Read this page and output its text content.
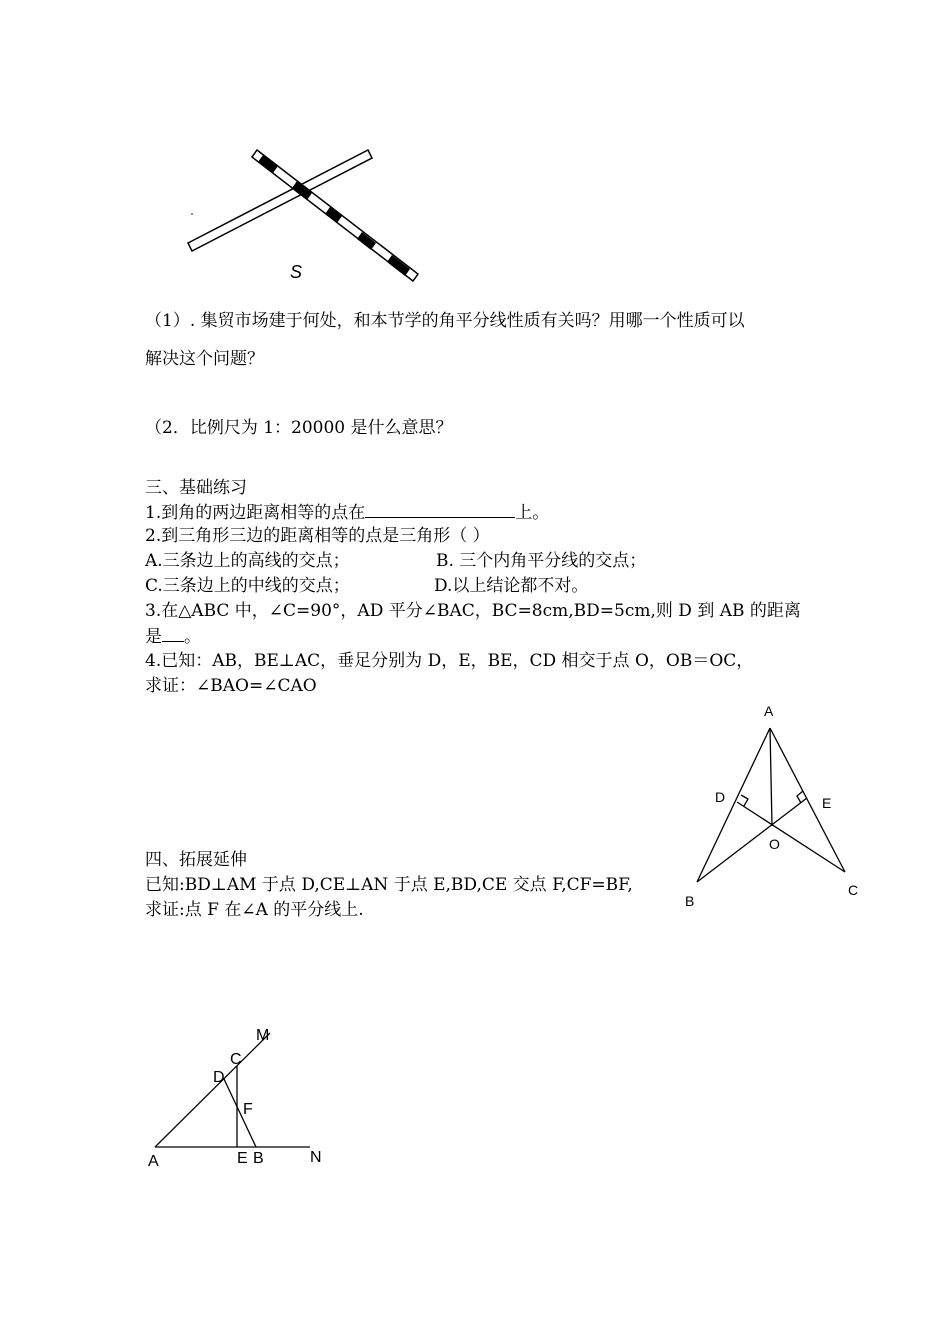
S
（1）. 集贸市场建于何处，和本节学的角平分线性质有关吗？用哪一个性质可以
解决这个问题？
（2．比例尺为 1：20000 是什么意思？
三、基础练习
1.到角的两边距离相等的点在	上。
2.到三角形三边的距离相等的点是三角形（ ）
A.三条边上的高线的交点；	B. 三个内角平分线的交点；
C.三条边上的中线的交点；	D.以上结论都不对。
3.在△ABC 中，∠C=90°，AD 平分∠BAC，BC=8cm,BD=5cm,则 D 到 AB 的距离
是 。
4.已知：AB，BE⊥AC，垂足分别为 D，E，BE，CD 相交于点 O，OB＝OC，
求证：∠BAO=∠CAO
A
D	E
O
B
C
四、拓展延伸
已知:BD⊥AM 于点 D,CE⊥AN 于点 E,BD,CE 交点 F,CF=BF,
求证:点 F 在∠A 的平分线上.
M
C
D
F
A	E B	N
